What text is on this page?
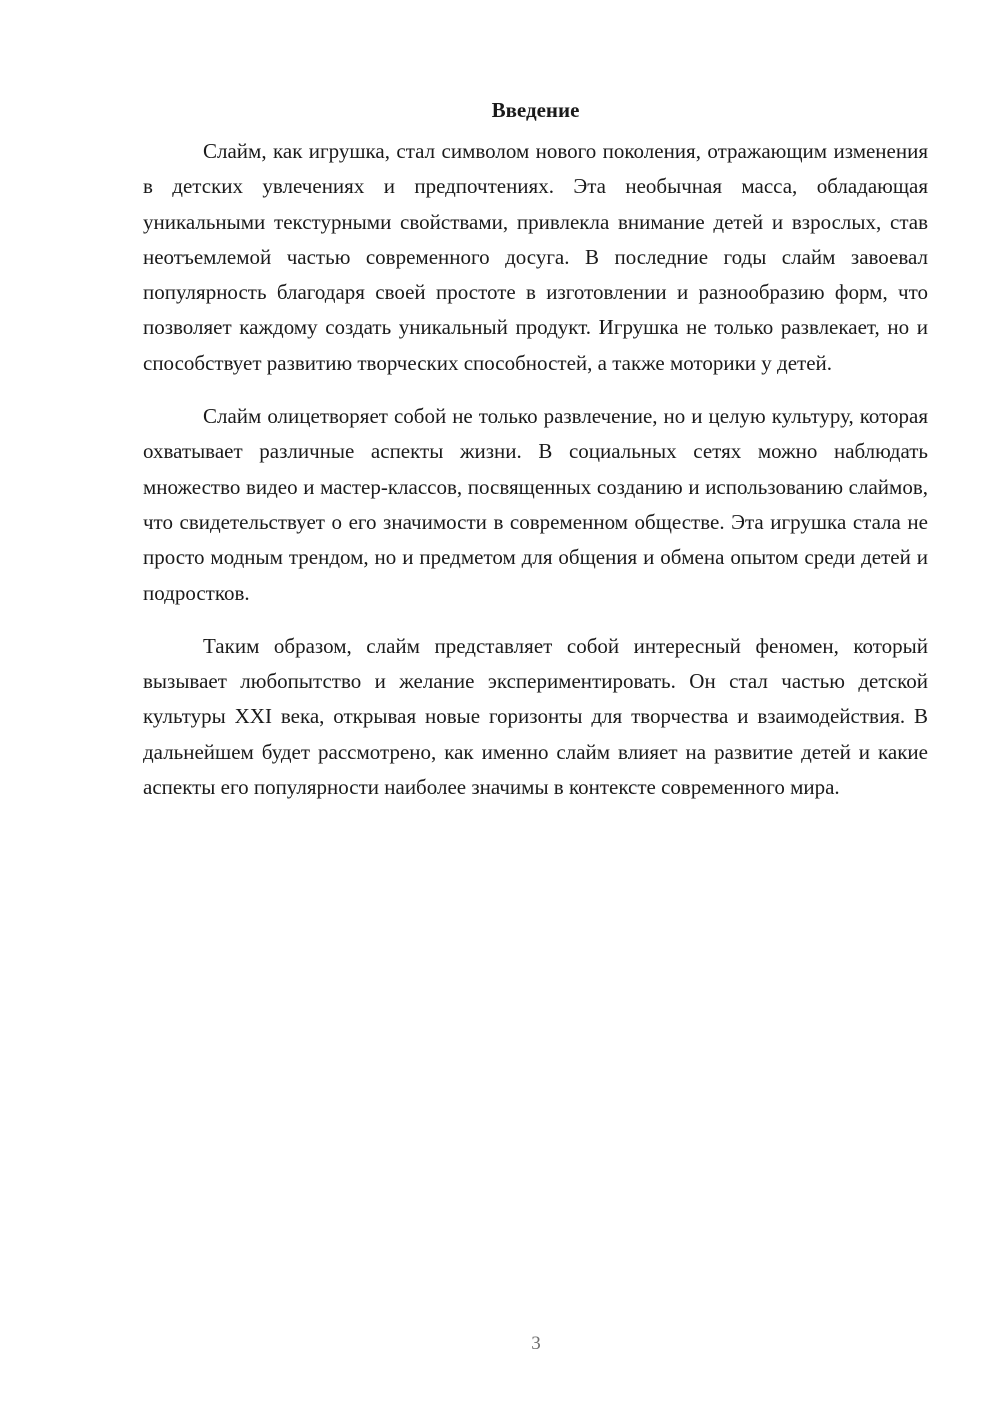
Введение

Слайм, как игрушка, стал символом нового поколения, отражающим изменения в детских увлечениях и предпочтениях. Эта необычная масса, обладающая уникальными текстурными свойствами, привлекла внимание детей и взрослых, став неотъемлемой частью современного досуга. В последние годы слайм завоевал популярность благодаря своей простоте в изготовлении и разнообразию форм, что позволяет каждому создать уникальный продукт. Игрушка не только развлекает, но и способствует развитию творческих способностей, а также моторики у детей.

Слайм олицетворяет собой не только развлечение, но и целую культуру, которая охватывает различные аспекты жизни. В социальных сетях можно наблюдать множество видео и мастер-классов, посвященных созданию и использованию слаймов, что свидетельствует о его значимости в современном обществе. Эта игрушка стала не просто модным трендом, но и предметом для общения и обмена опытом среди детей и подростков.

Таким образом, слайм представляет собой интересный феномен, который вызывает любопытство и желание экспериментировать. Он стал частью детской культуры XXI века, открывая новые горизонты для творчества и взаимодействия. В дальнейшем будет рассмотрено, как именно слайм влияет на развитие детей и какие аспекты его популярности наиболее значимы в контексте современного мира.

3
